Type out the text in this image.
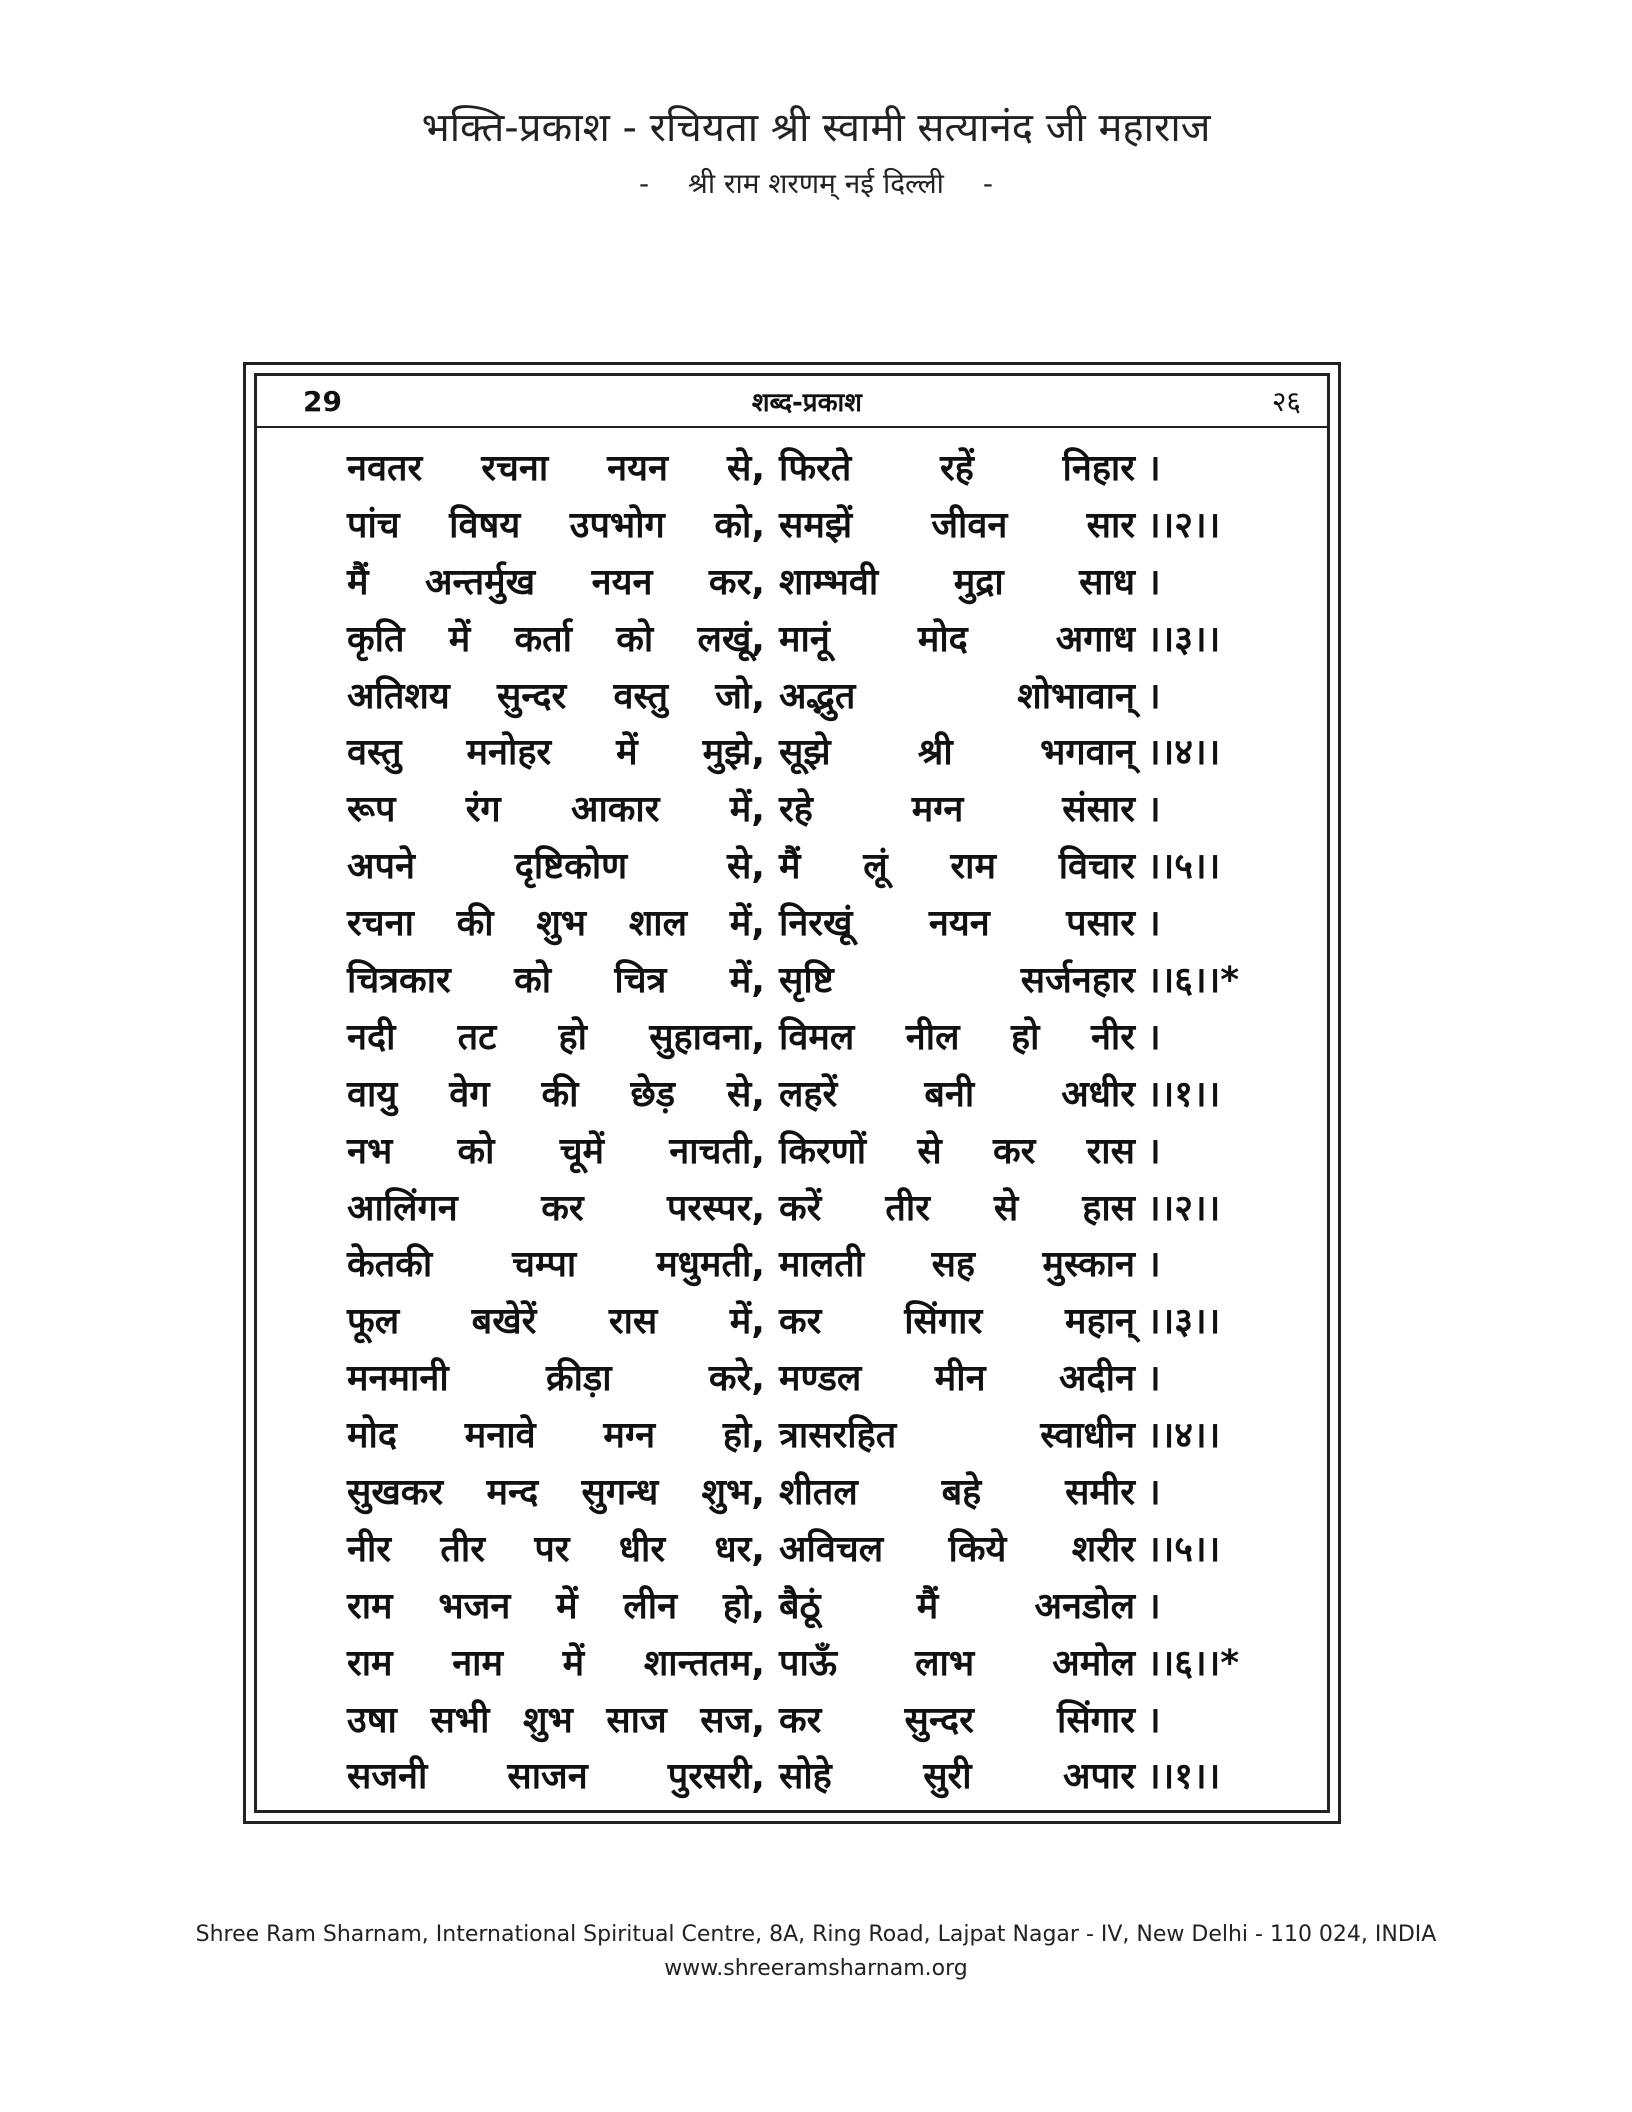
भक्ति-प्रकाश - रचियता श्री स्वामी सत्यानंद जी महाराज
- श्री राम शरणम् नई दिल्ली -
29	शब्द-प्रकाश	२६
नवतर रचना नयन से, फिरते रहें निहार ।
पांच विषय उपभोग को, समझें जीवन सार ।।२।।
मैं अन्तर्मुख नयन कर, शाम्भवी मुद्रा साध ।
कृति में कर्ता को लखूं, मानूं मोद अगाध ।।३।।
अतिशय सुन्दर वस्तु जो, अद्भुत	शोभावान् ।
वस्तु मनोहर में मुझे, सूझे श्री भगवान् ।।४।।
रूप रंग आकार में, रहे	मग्न	संसार ।
अपने	दृष्टिकोण	से, मैं लूं राम विचार ।।५।।
रचना की शुभ शाल में, निरखूं नयन पसार ।
चित्रकार को चित्र में, सृष्टि	सर्जनहार ।।६।।*
नदी तट हो सुहावना, विमल नील हो नीर ।
वायु वेग की छेड़ से, लहरें बनी अधीर ।।१।।
नभ को चूमें नाचती, किरणों से कर रास ।
आलिंगन कर परस्पर, करें तीर से हास ।।२।।
केतकी चम्पा मधुमती, मालती सह मुस्कान ।
फूल बखेरें रास में, कर सिंगार महान् ।।३।।
मनमानी	क्रीड़ा	करे, मण्डल मीन अदीन ।
मोद मनावे मग्न हो, त्रासरहित	स्वाधीन ।।४।।
सुखकर मन्द सुगन्ध शुभ, शीतल बहे समीर ।
नीर तीर पर धीर धर, अविचल किये शरीर ।।५।।
राम भजन में लीन हो, बैठूं	मैं	अनडोल ।
राम नाम में शान्ततम, पाऊँ लाभ अमोल ।।६।।*
उषा सभी शुभ साज सज, कर सुन्दर सिंगार ।
सजनी साजन पुरसरी, सोहे	सुरी	अपार ।।१।।
Shree Ram Sharnam, International Spiritual Centre, 8A, Ring Road, Lajpat Nagar - IV, New Delhi - 110 024, INDIA
www.shreeramsharnam.org
